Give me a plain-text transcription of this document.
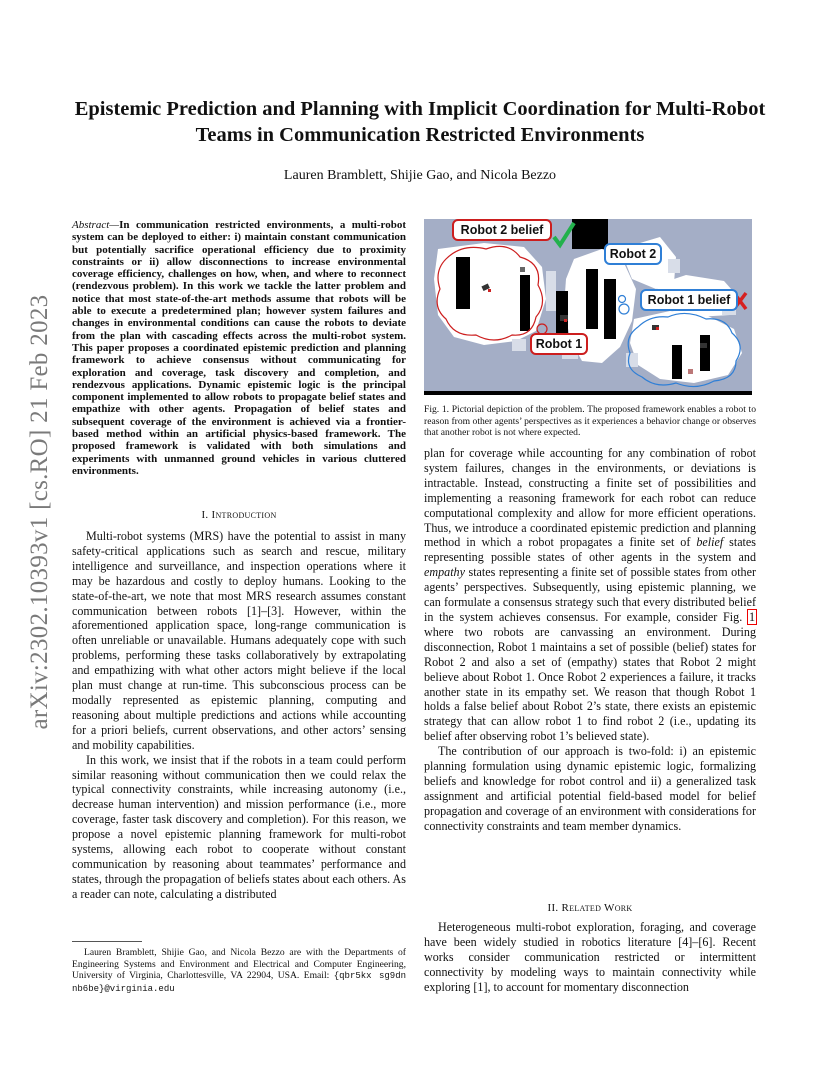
arXiv:2302.10393v1 [cs.RO] 21 Feb 2023
Epistemic Prediction and Planning with Implicit Coordination for Multi-Robot Teams in Communication Restricted Environments
Lauren Bramblett, Shijie Gao, and Nicola Bezzo
Abstract—In communication restricted environments, a multi-robot system can be deployed to either: i) maintain constant communication but potentially sacrifice operational efficiency due to proximity constraints or ii) allow disconnections to increase environmental coverage efficiency, challenges on how, when, and where to reconnect (rendezvous problem). In this work we tackle the latter problem and notice that most state-of-the-art methods assume that robots will be able to execute a predetermined plan; however system failures and changes in environmental conditions can cause the robots to deviate from the plan with cascading effects across the multi-robot system. This paper proposes a coordinated epistemic prediction and planning framework to achieve consensus without communicating for exploration and coverage, task discovery and completion, and rendezvous applications. Dynamic epistemic logic is the principal component implemented to allow robots to propagate belief states and empathize with other agents. Propagation of belief states and subsequent coverage of the environment is achieved via a frontier-based method within an artificial physics-based framework. The proposed framework is validated with both simulations and experiments with unmanned ground vehicles in various cluttered environments.
I. Introduction

Multi-robot systems (MRS) have the potential to assist in many safety-critical applications such as search and rescue, military intelligence and surveillance, and inspection operations where it may be hazardous and costly to deploy humans. Looking to the state-of-the-art, we note that most MRS research assumes constant communication between robots [1]–[3]. However, within the aforementioned application space, long-range communication is often unreliable or unavailable. Humans adequately cope with such problems, performing these tasks collaboratively by extrapolating and empathizing with what other actors might believe if the local plan must change at run-time. This subconscious process can be modally represented as epistemic planning, computing and reasoning about multiple predictions and actions while accounting for a priori beliefs, current observations, and other actors’ sensing and mobility capabilities.

In this work, we insist that if the robots in a team could perform similar reasoning without communication then we could relax the typical connectivity constraints, while increasing autonomy (i.e., decrease human intervention) and mission performance (i.e., more coverage, faster task discovery and completion). For this reason, we propose a novel epistemic planning framework for multi-robot systems, allowing each robot to cooperate without constant communication by reasoning about teammates’ performance and states, through the propagation of beliefs states about each others. As a reader can note, calculating a distributed

Lauren Bramblett, Shijie Gao, and Nicola Bezzo are with the Departments of Engineering Systems and Environment and Electrical and Computer Engineering, University of Virginia, Charlottesville, VA 22904, USA. Email: {qbr5kx sg9dn nb6be}@virginia.edu

Robot 2 belief
Robot 2
Robot 1 belief
Robot 1
Fig. 1. Pictorial depiction of the problem. The proposed framework enables a robot to reason from other agents’ perspectives as it experiences a behavior change or observes that another robot is not where expected.

plan for coverage while accounting for any combination of robot system failures, changes in the environments, or deviations is intractable. Instead, constructing a finite set of possibilities and implementing a reasoning framework for each robot can reduce computational complexity and allow for more efficient operations. Thus, we introduce a coordinated epistemic prediction and planning method in which a robot propagates a finite set of belief states representing possible states of other agents in the system and empathy states representing a finite set of possible states from other agents’ perspectives. Subsequently, using epistemic planning, we can formulate a consensus strategy such that every distributed belief in the system achieves consensus. For example, consider Fig. 1 where two robots are canvassing an environment. During disconnection, Robot 1 maintains a set of possible (belief) states for Robot 2 and also a set of (empathy) states that Robot 2 might believe about Robot 1. Once Robot 2 experiences a failure, it tracks another state in its empathy set. We reason that though Robot 1 holds a false belief about Robot 2’s state, there exists an epistemic strategy that can allow robot 1 to find robot 2 (i.e., updating its belief after observing robot 1’s believed state).

The contribution of our approach is two-fold: i) an epistemic planning formulation using dynamic epistemic logic, formalizing beliefs and knowledge for robot control and ii) a generalized task assignment and artificial potential field-based model for belief propagation and coverage of an environment with considerations for connectivity constraints and team member dynamics.

II. Related Work

Heterogeneous multi-robot exploration, foraging, and coverage have been widely studied in robotics literature [4]–[6]. Recent works consider communication restricted or intermittent connectivity by modeling ways to maintain connectivity while exploring [1], to account for momentary disconnection
